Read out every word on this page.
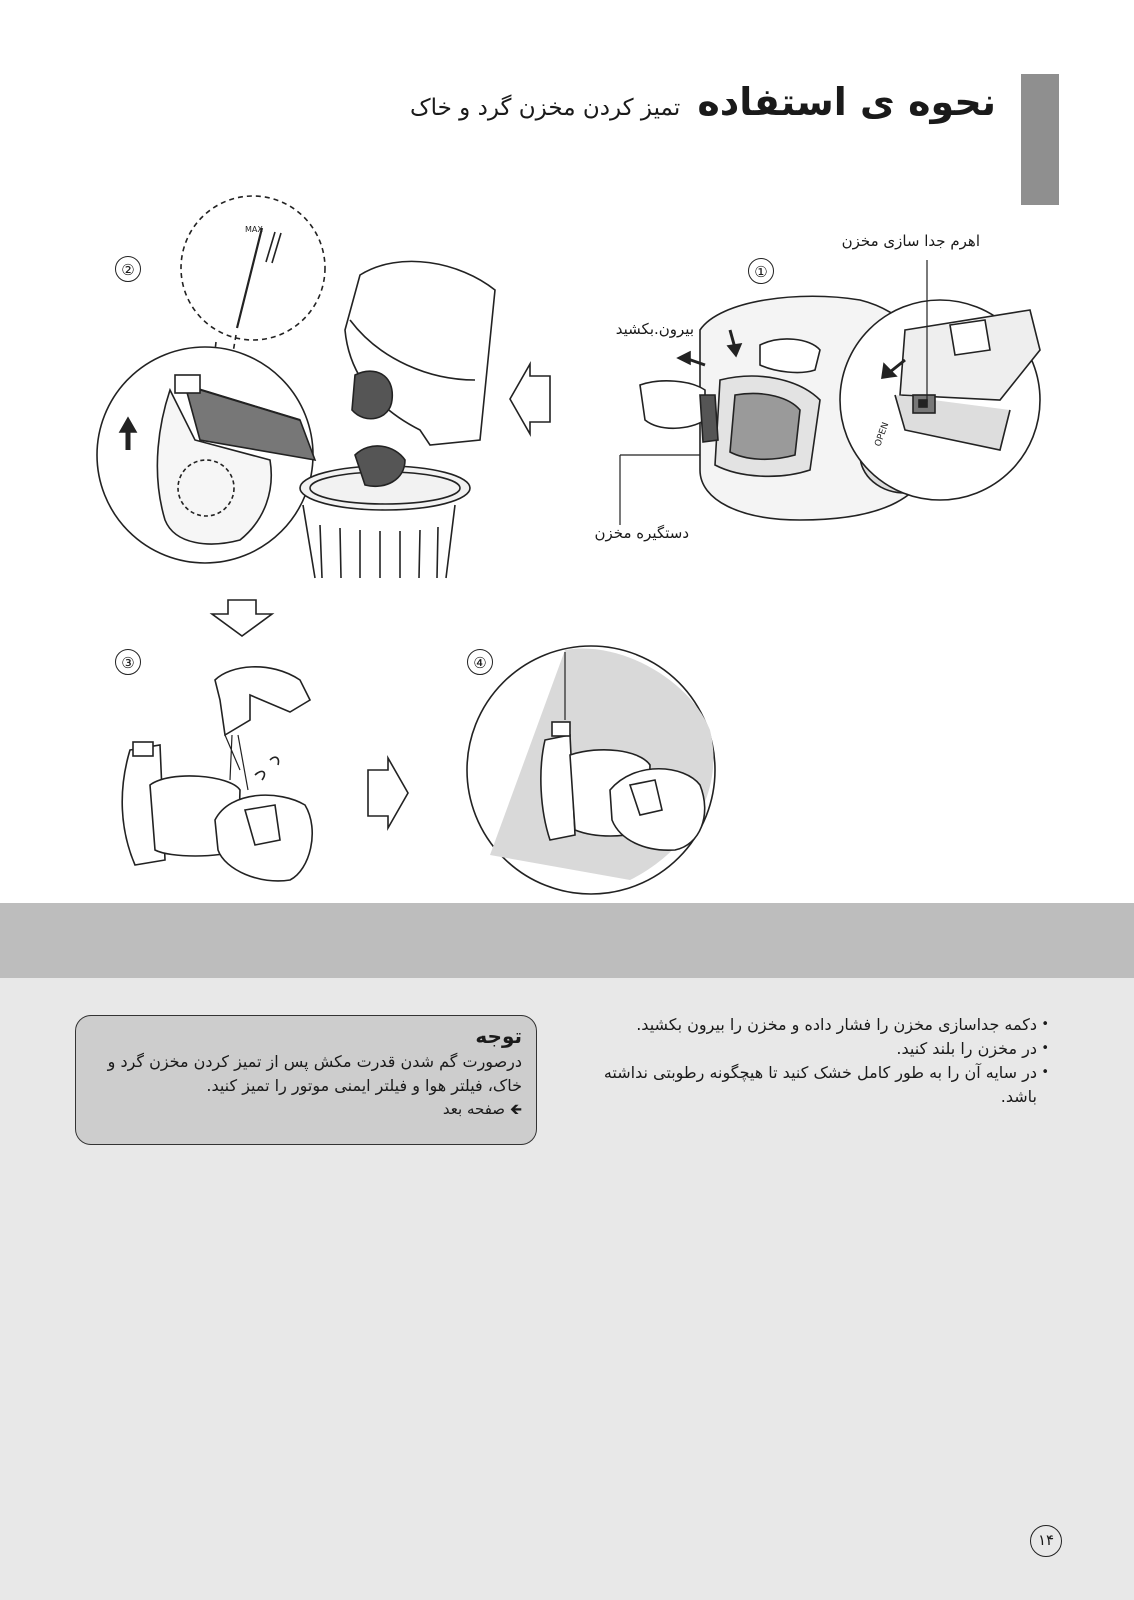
نحوه ی استفاده تمیز کردن مخزن گرد و خاک
MAX
OPEN
اهرم جدا سازی مخزن
بیرون.بکشید
دستگیره مخزن
①
②
③	④
• دکمه جداسازی مخزن را فشار داده و مخزن را بیرون بکشید.
• در مخزن را بلند کنید.
• در سایه آن را به طور کامل خشک کنید تا هیچگونه رطوبتی نداشته باشد.
توجه
درصورت گم شدن قدرت مکش پس از تمیز کردن مخزن گرد و خاک، فیلتر هوا و فیلتر ایمنی موتور را تمیز کنید.
🡸 صفحه بعد
۱۴
